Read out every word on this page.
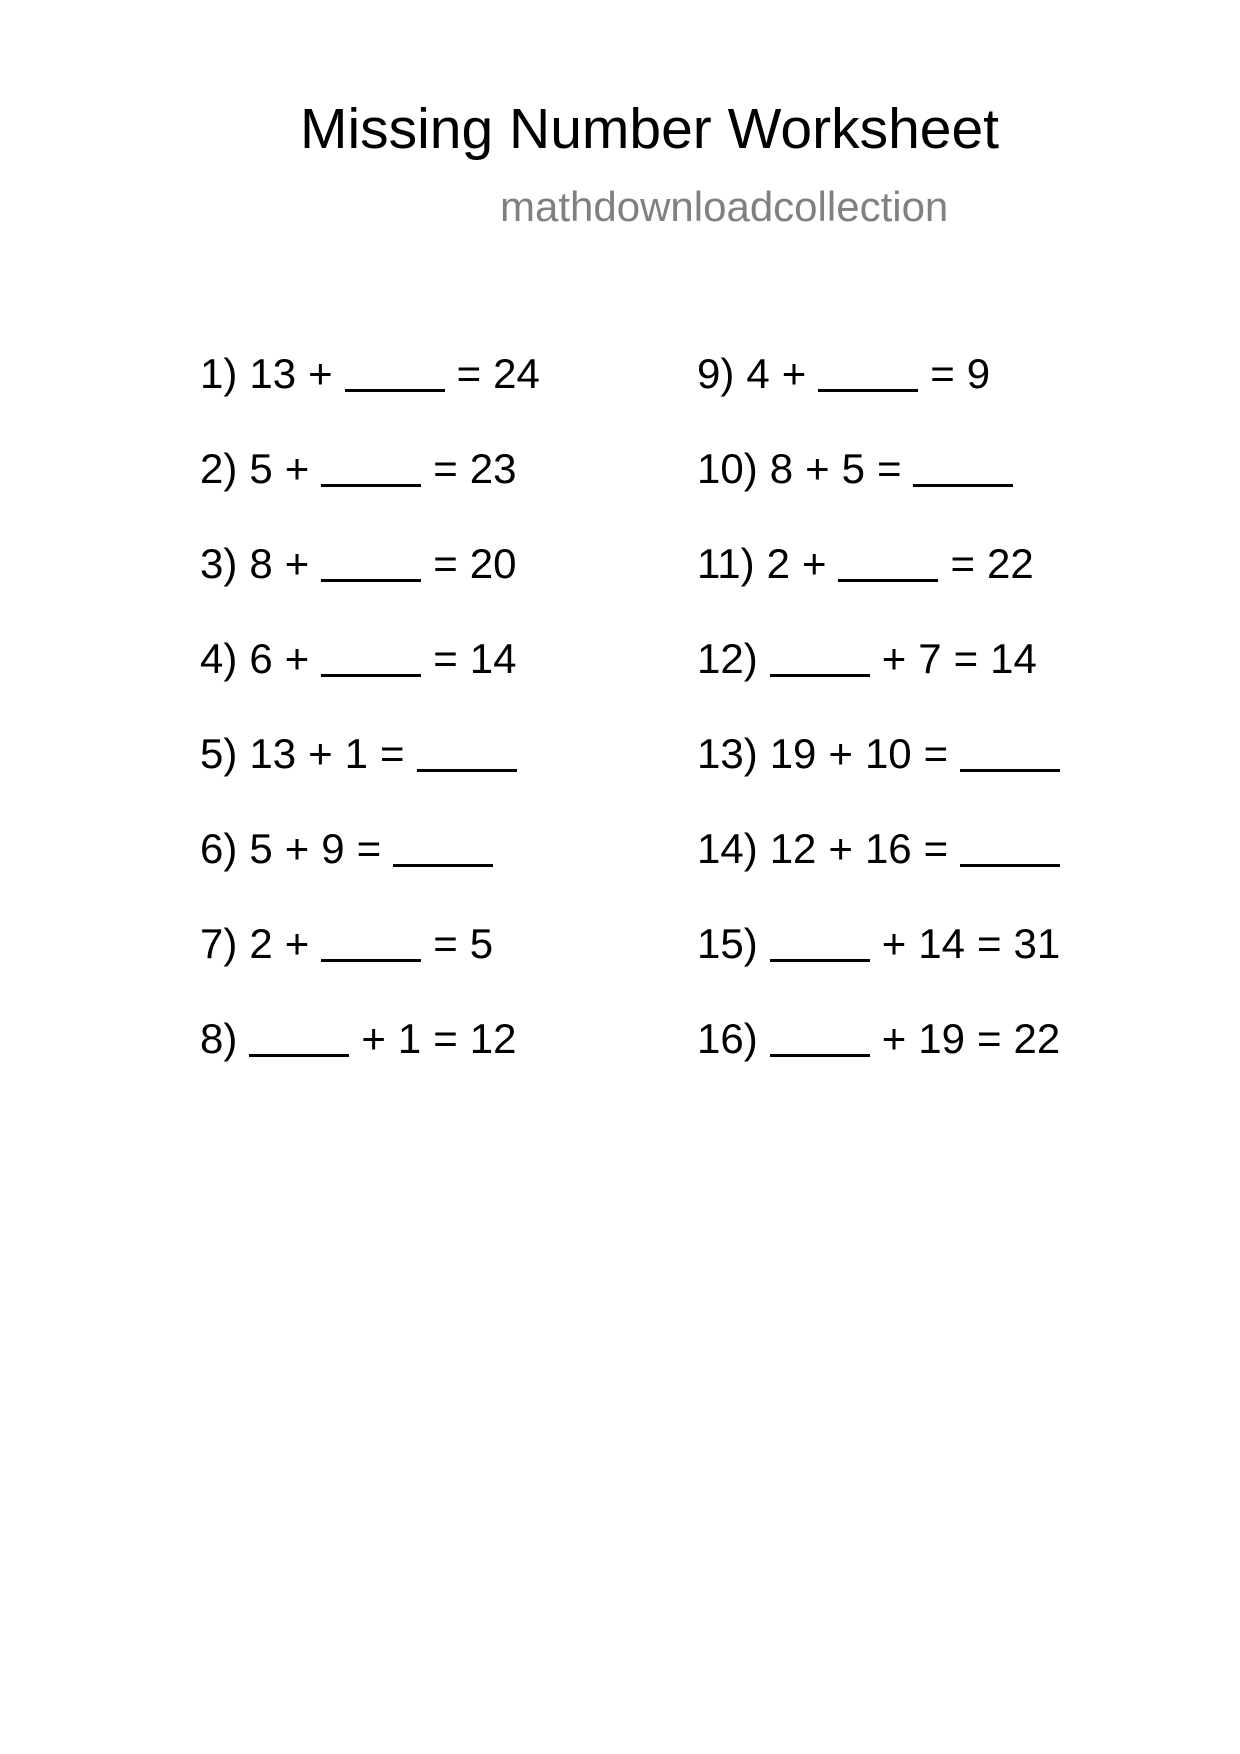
Missing Number Worksheet
mathdownloadcollection
1) 13 +	= 24
2) 5 +	= 23
3) 8 +	= 20
4) 6 +	= 14
5) 13 + 1 =
6) 5 + 9 =
7) 2 +	= 5
8)	+ 1 = 12
9) 4 +	= 9
10) 8 + 5 =
11) 2 +	= 22
12)	+ 7 = 14
13) 19 + 10 =
14) 12 + 16 =
15)	+ 14 = 31
16)	+ 19 = 22
